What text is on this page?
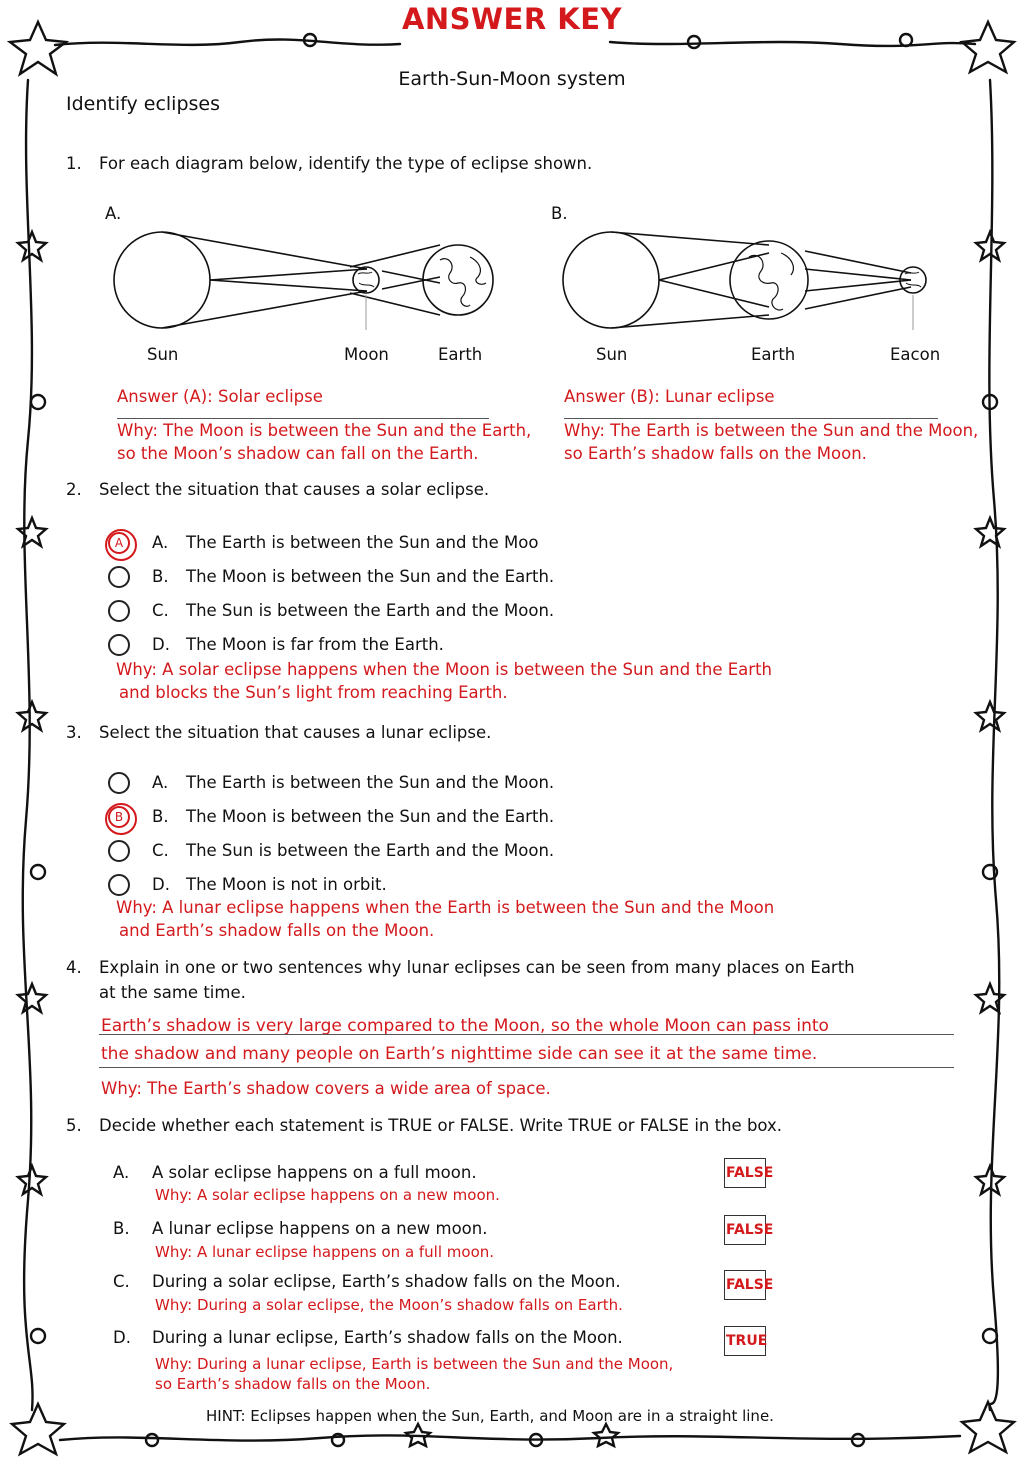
ANSWER KEY
Earth-Sun-Moon system
Identify eclipses
1. For each diagram below, identify the type of eclipse shown.
A.	B.
Sun	Moon	Earth	Sun	Earth	Eacon
Answer (A): Solar eclipse
Why: The Moon is between the Sun and the Earth,
so the Moon’s shadow can fall on the Earth.
Answer (B): Lunar eclipse
Why: The Earth is between the Sun and the Moon,
so Earth’s shadow falls on the Moon.
2. Select the situation that causes a solar eclipse.
A A. The Earth is between the Sun and the Moo
B. The Moon is between the Sun and the Earth.
C. The Sun is between the Earth and the Moon.
D. The Moon is far from the Earth.
Why: A solar eclipse happens when the Moon is between the Sun and the Earth
and blocks the Sun’s light from reaching Earth.
3. Select the situation that causes a lunar eclipse.
A. The Earth is between the Sun and the Moon.
B B. The Moon is between the Sun and the Earth.
C. The Sun is between the Earth and the Moon.
D. The Moon is not in orbit.
Why: A lunar eclipse happens when the Earth is between the Sun and the Moon
and Earth’s shadow falls on the Moon.
4. Explain in one or two sentences why lunar eclipses can be seen from many places on Earth
at the same time.
Earth’s shadow is very large compared to the Moon, so the whole Moon can pass into
the shadow and many people on Earth’s nighttime side can see it at the same time.
Why: The Earth’s shadow covers a wide area of space.
5. Decide whether each statement is TRUE or FALSE. Write TRUE or FALSE in the box.
A. A solar eclipse happens on a full moon.
Why: A solar eclipse happens on a new moon.
FALSE
B. A lunar eclipse happens on a new moon.
Why: A lunar eclipse happens on a full moon.
FALSE
C. During a solar eclipse, Earth’s shadow falls on the Moon.
Why: During a solar eclipse, the Moon’s shadow falls on Earth.
FALSE
D. During a lunar eclipse, Earth’s shadow falls on the Moon.
Why: During a lunar eclipse, Earth is between the Sun and the Moon,
so Earth’s shadow falls on the Moon.
TRUE
HINT: Eclipses happen when the Sun, Earth, and Moon are in a straight line.
